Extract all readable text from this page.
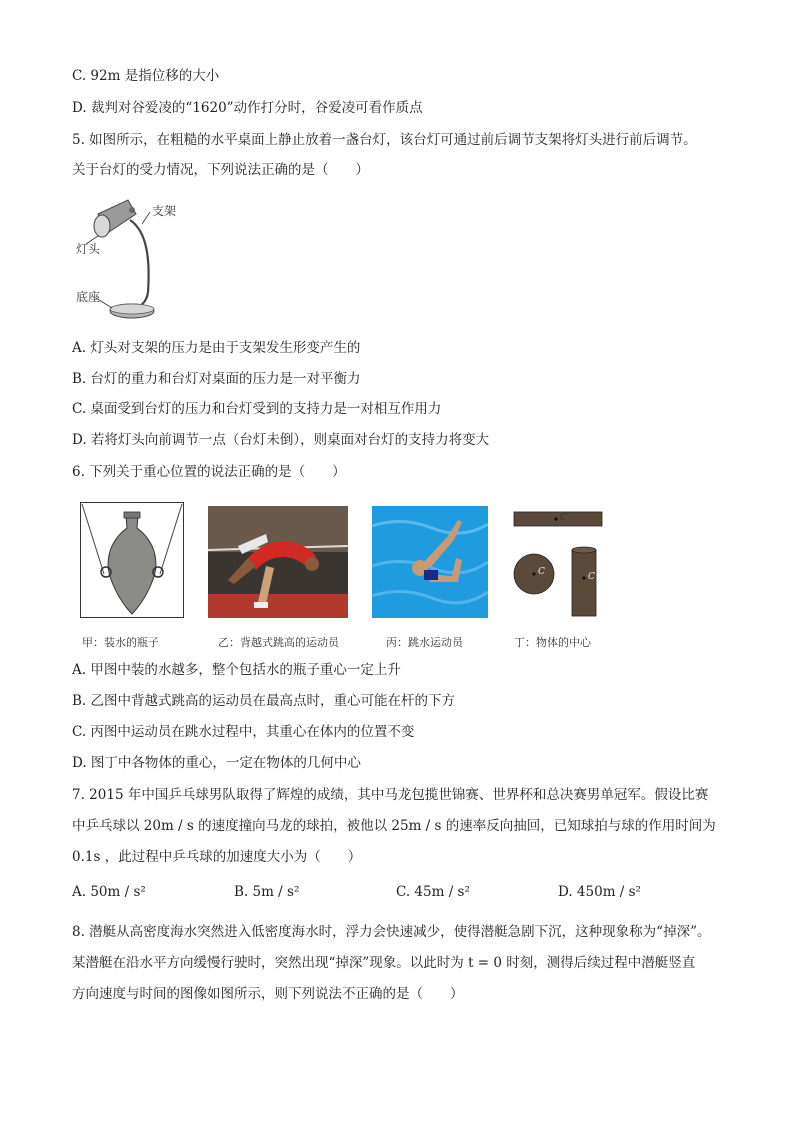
C. 92m 是指位移的大小
D. 裁判对谷爱凌的“1620”动作打分时，谷爱凌可看作质点
5. 如图所示，在粗糙的水平桌面上静止放着一盏台灯，该台灯可通过前后调节支架将灯头进行前后调节。
关于台灯的受力情况，下列说法正确的是（　　）
支架
灯头
底座
A. 灯头对支架的压力是由于支架发生形变产生的
B. 台灯的重力和台灯对桌面的压力是一对平衡力
C. 桌面受到台灯的压力和台灯受到的支持力是一对相互作用力
D. 若将灯头向前调节一点（台灯未倒），则桌面对台灯的支持力将变大
6. 下列关于重心位置的说法正确的是（　　）
C
C	C
甲：装水的瓶子	乙：背越式跳高的运动员	丙：跳水运动员	丁：物体的中心
A. 甲图中装的水越多，整个包括水的瓶子重心一定上升
B. 乙图中背越式跳高的运动员在最高点时，重心可能在杆的下方
C. 丙图中运动员在跳水过程中，其重心在体内的位置不变
D. 图丁中各物体的重心，一定在物体的几何中心
7. 2015 年中国乒乓球男队取得了辉煌的成绩，其中马龙包揽世锦赛、世界杯和总决赛男单冠军。假设比赛
中乒乓球以 20m / s 的速度撞向马龙的球拍，被他以 25m / s 的速率反向抽回，已知球拍与球的作用时间为
0.1s ，此过程中乒乓球的加速度大小为（　　）
A. 50m / s²	B. 5m / s²	C. 45m / s²	D. 450m / s²
8. 潜艇从高密度海水突然进入低密度海水时，浮力会快速减少，使得潜艇急剧下沉，这种现象称为“掉深”。
某潜艇在沿水平方向缓慢行驶时，突然出现“掉深”现象。以此时为 t = 0 时刻，测得后续过程中潜艇竖直
方向速度与时间的图像如图所示，则下列说法不正确的是（　　）
